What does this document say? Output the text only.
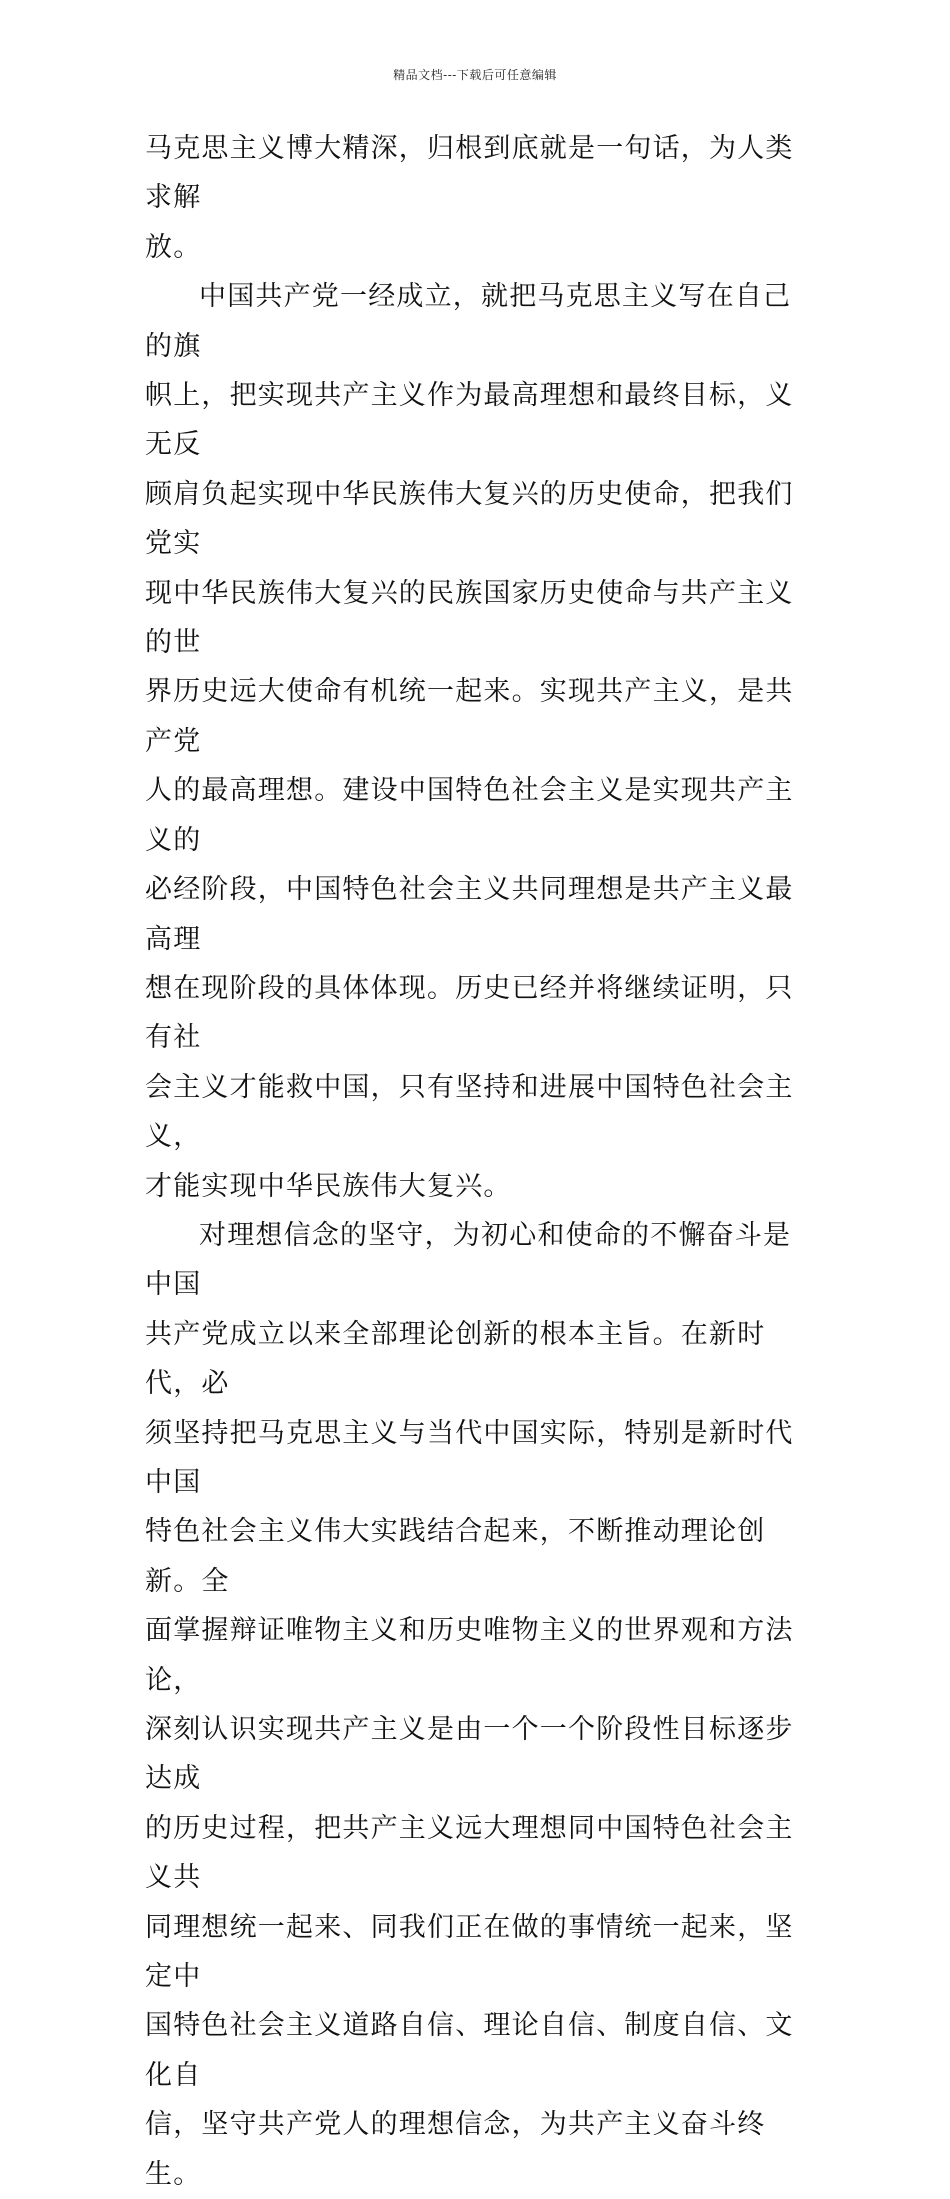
精品文档---下载后可任意编辑

马克思主义博大精深，归根到底就是一句话，为人类求解
放。

中国共产党一经成立，就把马克思主义写在自己的旗
帜上，把实现共产主义作为最高理想和最终目标，义无反
顾肩负起实现中华民族伟大复兴的历史使命，把我们党实
现中华民族伟大复兴的民族国家历史使命与共产主义的世
界历史远大使命有机统一起来。实现共产主义，是共产党
人的最高理想。建设中国特色社会主义是实现共产主义的
必经阶段，中国特色社会主义共同理想是共产主义最高理
想在现阶段的具体体现。历史已经并将继续证明，只有社
会主义才能救中国，只有坚持和进展中国特色社会主义，
才能实现中华民族伟大复兴。

对理想信念的坚守，为初心和使命的不懈奋斗是中国
共产党成立以来全部理论创新的根本主旨。在新时代，必
须坚持把马克思主义与当代中国实际，特别是新时代中国
特色社会主义伟大实践结合起来，不断推动理论创新。全
面掌握辩证唯物主义和历史唯物主义的世界观和方法论，
深刻认识实现共产主义是由一个一个阶段性目标逐步达成
的历史过程，把共产主义远大理想同中国特色社会主义共
同理想统一起来、同我们正在做的事情统一起来，坚定中
国特色社会主义道路自信、理论自信、制度自信、文化自
信，坚守共产党人的理想信念，为共产主义奋斗终生。
